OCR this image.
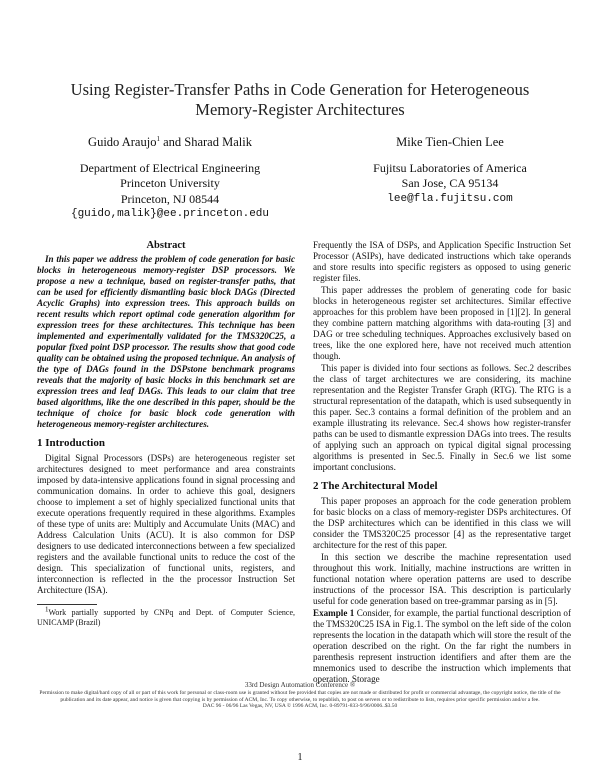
Using Register-Transfer Paths in Code Generation for Heterogeneous
Memory-Register Architectures
Guido Araujo$^1$ and Sharad Malik
Department of Electrical Engineering
Princeton University
Princeton, NJ 08544
{guido,malik}@ee.princeton.edu
Mike Tien-Chien Lee
Fujitsu Laboratories of America
San Jose, CA 95134
lee@fla.fujitsu.com
Abstract

In this paper we address the problem of code generation for basic blocks in heterogeneous memory-register DSP processors. We propose a new a technique, based on register-transfer paths, that can be used for efficiently dismantling basic block DAGs (Directed Acyclic Graphs) into expression trees. This approach builds on recent results which report optimal code generation algorithm for expression trees for these architectures. This technique has been implemented and experimentally validated for the TMS320C25, a popular fixed point DSP processor. The results show that good code quality can be obtained using the proposed technique. An analysis of the type of DAGs found in the DSPstone benchmark programs reveals that the majority of basic blocks in this benchmark set are expression trees and leaf DAGs. This leads to our claim that tree based algorithms, like the one described in this paper, should be the technique of choice for basic block code generation with heterogeneous memory-register architectures.

1 Introduction

Digital Signal Processors (DSPs) are heterogeneous register set architectures designed to meet performance and area constraints imposed by data-intensive applications found in signal processing and communication domains. In order to achieve this goal, designers choose to implement a set of highly specialized functional units that execute operations frequently required in these algorithms. Examples of these type of units are: Multiply and Accumulate Units (MAC) and Address Calculation Units (ACU). It is also common for DSP designers to use dedicated interconnections between a few specialized registers and the available functional units to reduce the cost of the design. This specialization of functional units, registers, and interconnection is reflected in the the processor Instruction Set Architecture (ISA).

1Work partially supported by CNPq and Dept. of Computer Science, UNICAMP (Brazil)

Frequently the ISA of DSPs, and Application Specific Instruction Set Processor (ASIPs), have dedicated instructions which take operands and store results into specific registers as opposed to using generic register files.

This paper addresses the problem of generating code for basic blocks in heterogeneous register set architectures. Similar effective approaches for this problem have been proposed in [1][2]. In general they combine pattern matching algorithms with data-routing [3] and DAG or tree scheduling techniques. Approaches exclusively based on trees, like the one explored here, have not received much attention though.

This paper is divided into four sections as follows. Sec.2 describes the class of target architectures we are considering, its machine representation and the Register Transfer Graph (RTG). The RTG is a structural representation of the datapath, which is used subsequently in this paper. Sec.3 contains a formal definition of the problem and an example illustrating its relevance. Sec.4 shows how register-transfer paths can be used to dismantle expression DAGs into trees. The results of applying such an approach on typical digital signal processing algorithms is presented in Sec.5. Finally in Sec.6 we list some important conclusions.

2 The Architectural Model

This paper proposes an approach for the code generation problem for basic blocks on a class of memory-register DSPs architectures. Of the DSP architectures which can be identified in this class we will consider the TMS320C25 processor [4] as the representative target architecture for the rest of this paper.

In this section we describe the machine representation used throughout this work. Initially, machine instructions are written in functional notation where operation patterns are used to describe instructions of the processor ISA. This description is particularly useful for code generation based on tree-grammar parsing as in [5].

Example 1 Consider, for example, the partial functional description of the TMS320C25 ISA in Fig.1. The symbol on the left side of the colon represents the location in the datapath which will store the result of the operation described on the right. On the far right the numbers in parenthesis represent instruction identifiers and after them are the mnemonics used to describe the instruction which implements that operation. Storage

33rd Design Automation Conference ®
Permission to make digital/hard copy of all or part of this work for personal or class-room use is granted without fee provided that copies are not made or distributed for profit or commercial advantage, the copyright notice, the title of the publication and its date appear, and notice is given that copying is by permission of ACM, Inc. To copy otherwise, to republish, to post on servers or to redistribute to lists, requires prior specific permission and/or a fee.
DAC 96 - 06/96 Las Vegas, NV, USA © 1996 ACM, Inc. 0-89791-833-9/96/0006..$3.50
1
